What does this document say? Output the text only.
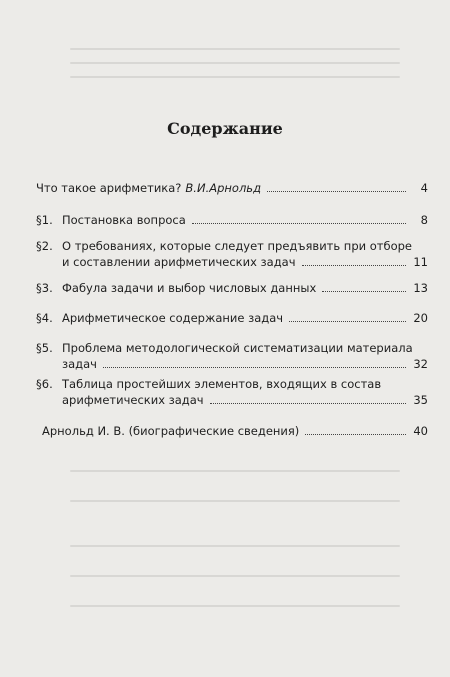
Содержание
Что такое арифметика? В.И.Арнольд	4
§1. Постановка вопроса	8
§2. О требованиях, которые следует предъявить при отборе
и составлении арифметических задач	11
§3. Фабула задачи и выбор числовых данных	13
§4. Арифметическое содержание задач	20
§5. Проблема методологической систематизации материала
задач	32
§6. Таблица простейших элементов, входящих в состав
арифметических задач	35
Арнольд И. В. (биографические сведения)	40
